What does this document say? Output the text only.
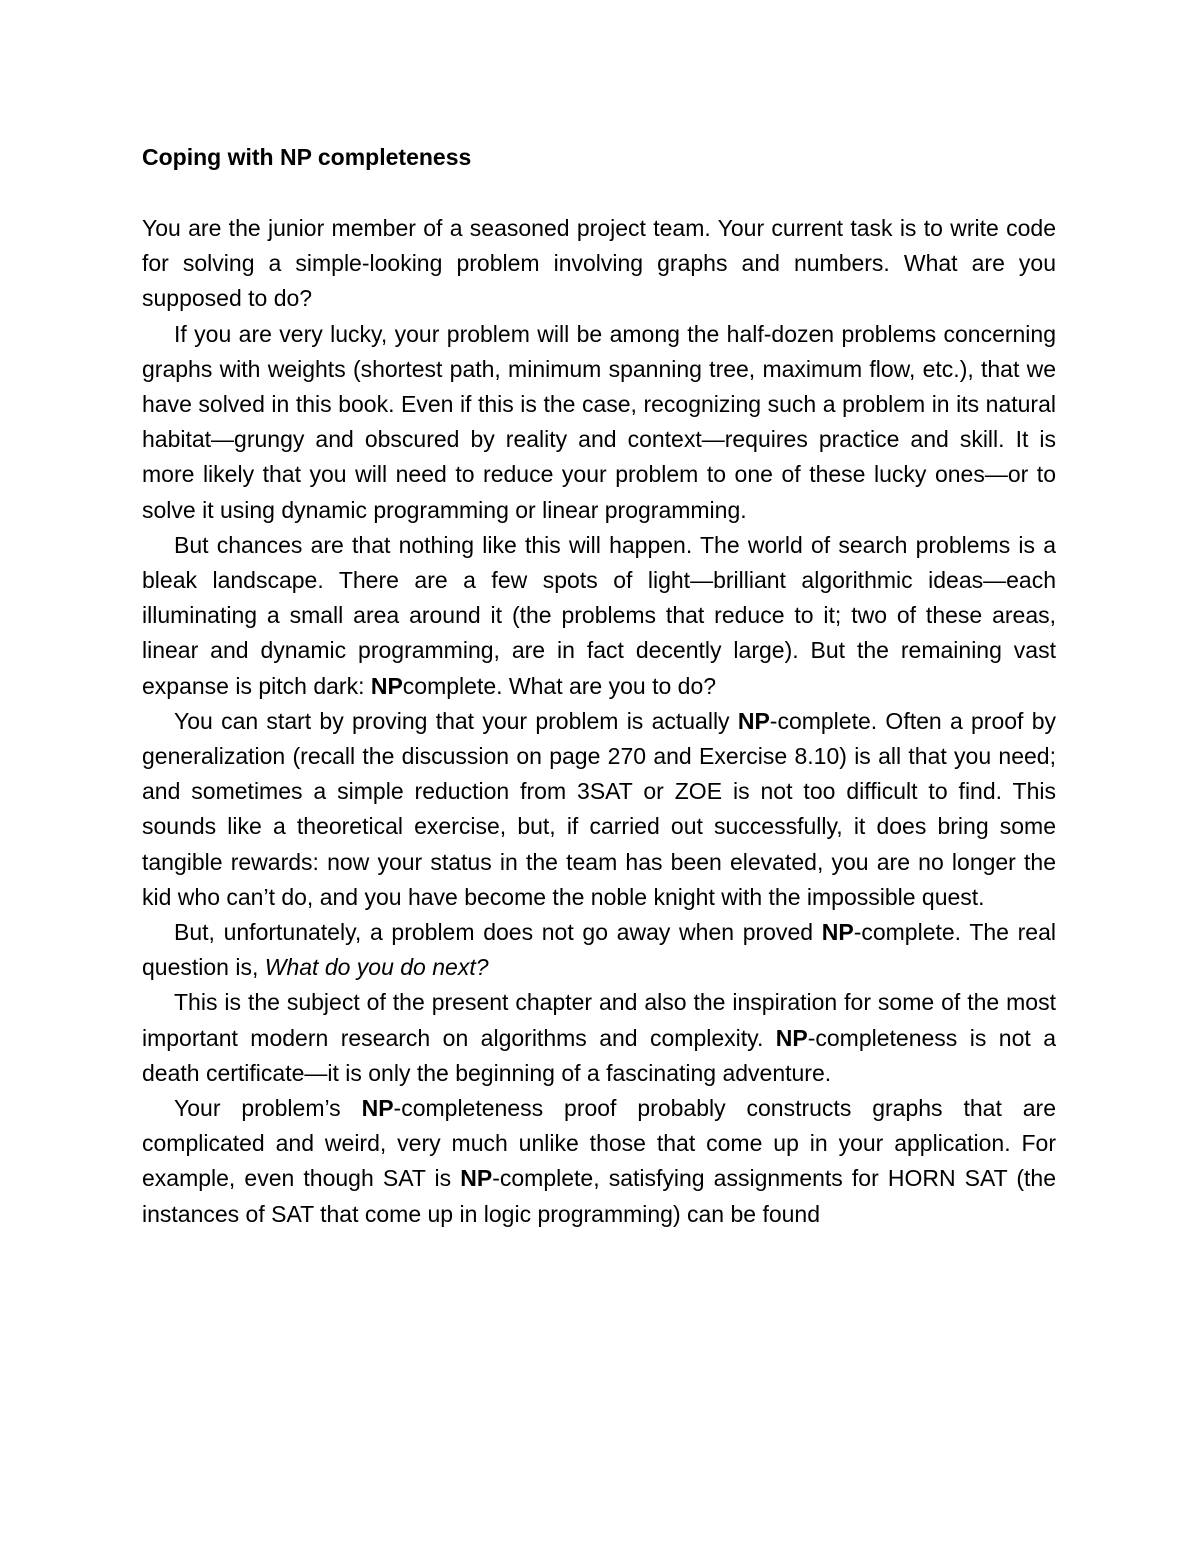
Coping with NP completeness

You are the junior member of a seasoned project team. Your current task is to write code for solving a simple-looking problem involving graphs and numbers. What are you supposed to do?

If you are very lucky, your problem will be among the half-dozen problems concerning graphs with weights (shortest path, minimum spanning tree, maximum flow, etc.), that we have solved in this book. Even if this is the case, recognizing such a problem in its natural habitat—grungy and obscured by reality and context—requires practice and skill. It is more likely that you will need to reduce your problem to one of these lucky ones—or to solve it using dynamic programming or linear programming.

But chances are that nothing like this will happen. The world of search problems is a bleak landscape. There are a few spots of light—brilliant algorithmic ideas—each illuminating a small area around it (the problems that reduce to it; two of these areas, linear and dynamic programming, are in fact decently large). But the remaining vast expanse is pitch dark: NPcomplete. What are you to do?

You can start by proving that your problem is actually NP-complete. Often a proof by generalization (recall the discussion on page 270 and Exercise 8.10) is all that you need; and sometimes a simple reduction from 3SAT or ZOE is not too difficult to find. This sounds like a theoretical exercise, but, if carried out successfully, it does bring some tangible rewards: now your status in the team has been elevated, you are no longer the kid who can’t do, and you have become the noble knight with the impossible quest.

But, unfortunately, a problem does not go away when proved NP-complete. The real question is, What do you do next?

This is the subject of the present chapter and also the inspiration for some of the most important modern research on algorithms and complexity. NP-completeness is not a death certificate—it is only the beginning of a fascinating adventure.

Your problem’s NP-completeness proof probably constructs graphs that are complicated and weird, very much unlike those that come up in your application. For example, even though SAT is NP-complete, satisfying assignments for HORN SAT (the instances of SAT that come up in logic programming) can be found
